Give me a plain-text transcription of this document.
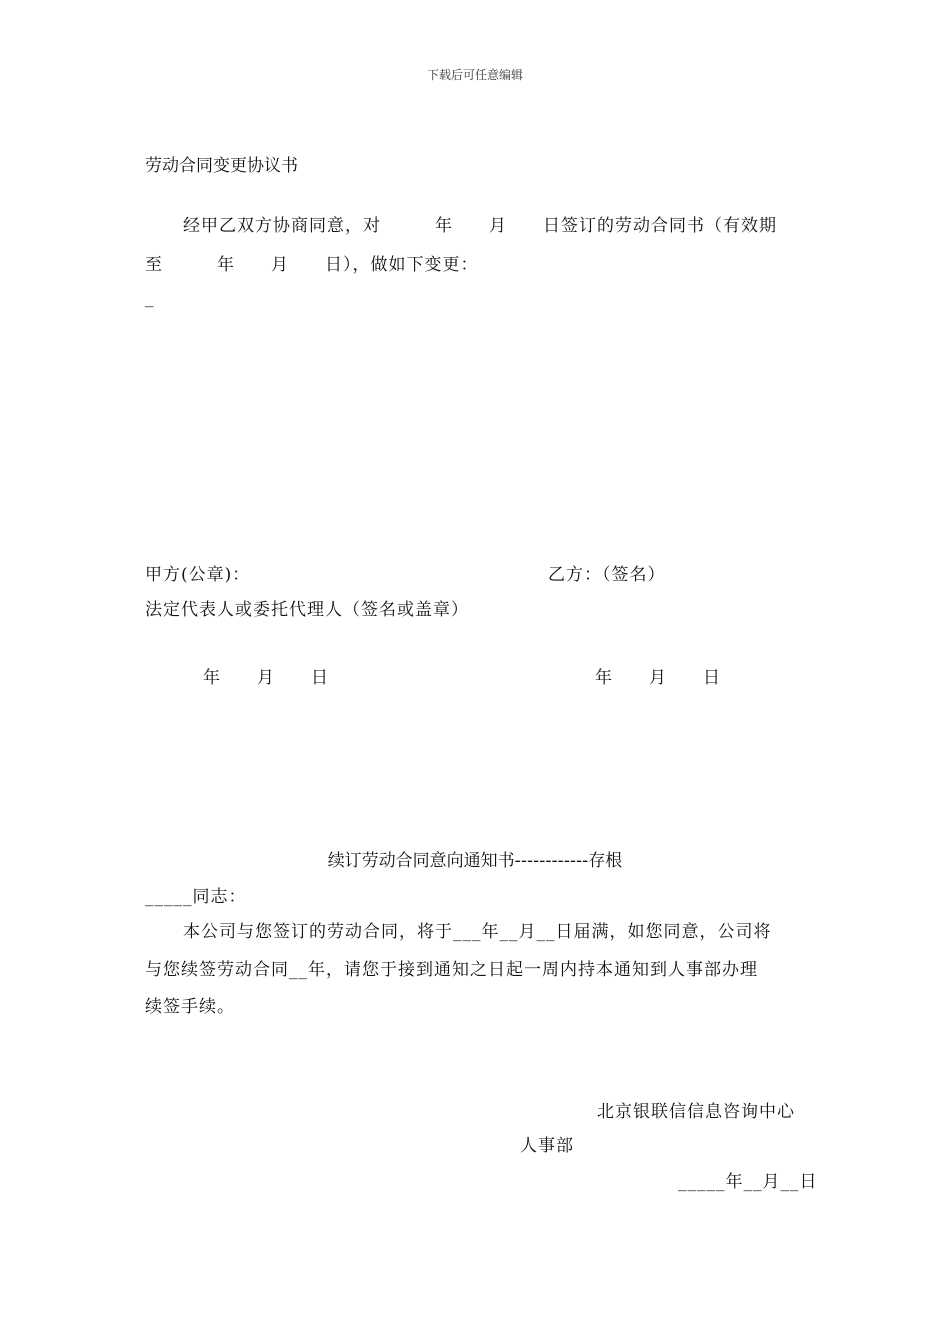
下载后可任意编辑
劳动合同变更协议书
经甲乙双方协商同意，对　　　年　　月　　日签订的劳动合同书（有效期
至　　　年　　月　　日），做如下变更：
_
甲方(公章)：	乙方：（签名）
法定代表人或委托代理人（签名或盖章）
年　　月　　日	年　　月　　日
续订劳动合同意向通知书------------存根
_____同志：
本公司与您签订的劳动合同，将于___年__月__日届满，如您同意，公司将
与您续签劳动合同__年，请您于接到通知之日起一周内持本通知到人事部办理
续签手续。
北京银联信信息咨询中心
人事部
_____年__月__日
